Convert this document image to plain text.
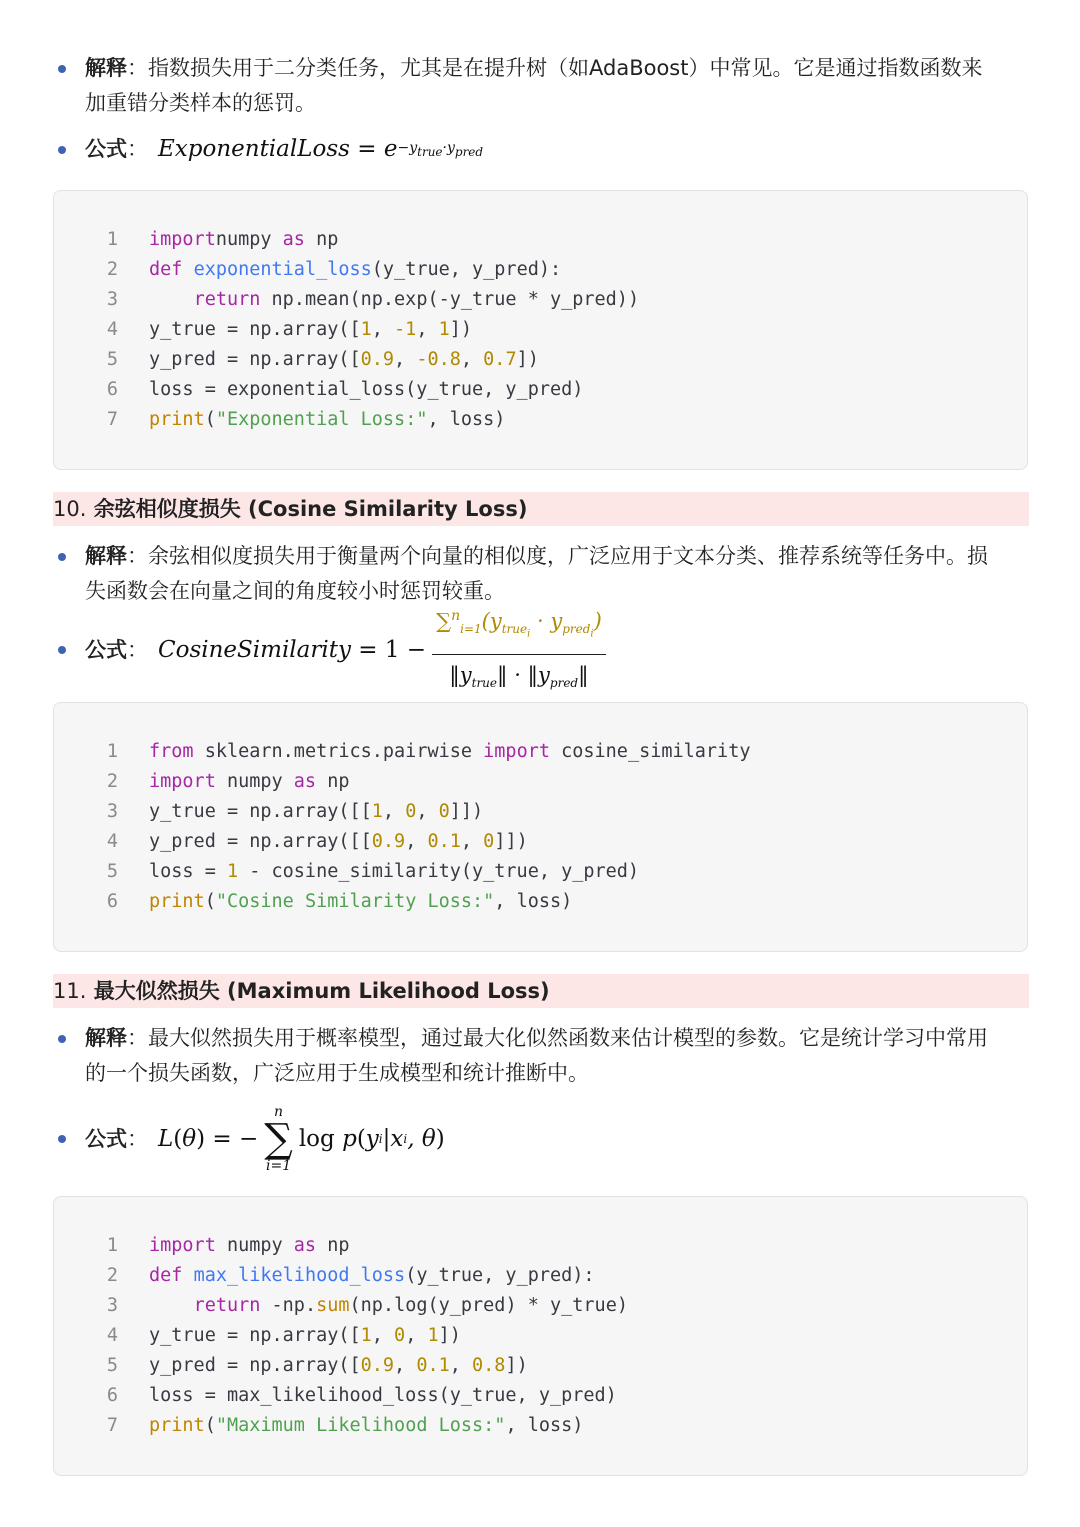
解释：指数损失用于二分类任务，尤其是在提升树（如AdaBoost）中常见。它是通过指数函数来
加重错分类样本的惩罚。
公式 ： ExponentialLoss = $e -y_{true}\cdot y_{pred}$
1 importnumpy as np
2 def exponential_loss(y_true, y_pred):
3	return np.mean(np.exp(-y_true * y_pred))
4 y_true = np.array([1, -1, 1])
5 y_pred = np.array([0.9, -0.8, 0.7])
6 loss = exponential_loss(y_true, y_pred)
7 print("Exponential Loss:", loss)
10. 余弦相似度损失 (Cosine Similarity Loss)
解释：余弦相似度损失用于衡量两个向量的相似度，广泛应用于文本分类、推荐系统等任务中。损
失函数会在向量之间的角度较小时惩罚较重。
公式 ： CosineSimilarity = $1 - \frac{\sum^n_{i=1}(y_{true_i} \cdot y_{pred_i})}{‖y_{true}‖ \cdot ‖y_{pred}‖}$
1 from sklearn.metrics.pairwise import cosine_similarity
2 import numpy as np
3 y_true = np.array([[1, 0, 0]])
4 y_pred = np.array([[0.9, 0.1, 0]])
5 loss = 1 - cosine_similarity(y_true, y_pred)
6 print("Cosine Similarity Loss:", loss)
11. 最大似然损失 (Maximum Likelihood Loss)
解释：最大似然损失用于概率模型，通过最大化似然函数来估计模型的参数。它是统计学习中常用
的一个损失函数，广泛应用于生成模型和统计推断中。
公式 ： L ( θ ) = −
n
∑
i=1
log p ( y i |x i , θ )
1 import numpy as np
2 def max_likelihood_loss(y_true, y_pred):
3	return -np.sum(np.log(y_pred) * y_true)
4 y_true = np.array([1, 0, 1])
5 y_pred = np.array([0.9, 0.1, 0.8])
6 loss = max_likelihood_loss(y_true, y_pred)
7 print("Maximum Likelihood Loss:", loss)
